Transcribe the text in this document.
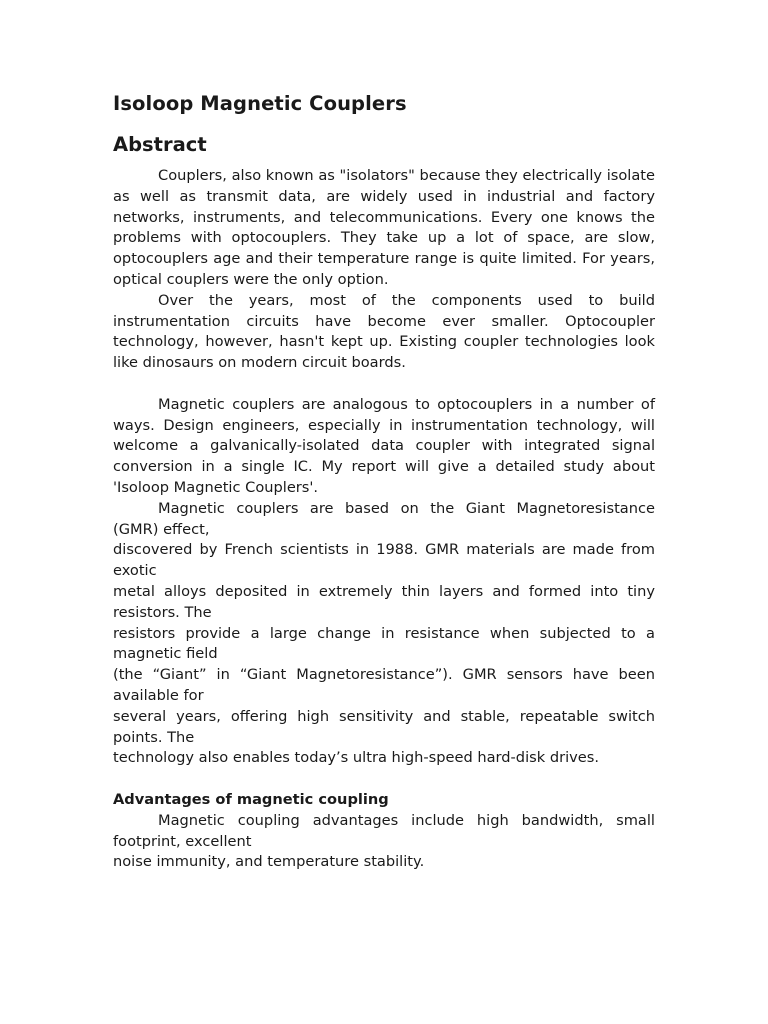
Isoloop Magnetic Couplers
Abstract

Couplers, also known as "isolators" because they electrically isolate as well as transmit data, are widely used in industrial and factory networks, instruments, and telecommunications. Every one knows the problems with optocouplers. They take up a lot of space, are slow, optocouplers age and their temperature range is quite limited. For years, optical couplers were the only option.

Over the years, most of the components used to build instrumentation circuits have become ever smaller. Optocoupler technology, however, hasn't kept up. Existing coupler technologies look like dinosaurs on modern circuit boards.

Magnetic couplers are analogous to optocouplers in a number of ways. Design engineers, especially in instrumentation technology, will welcome a galvanically-isolated data coupler with integrated signal conversion in a single IC. My report will give a detailed study about 'Isoloop Magnetic Couplers'.

Magnetic couplers are based on the Giant Magnetoresistance

(GMR) effect,

discovered by French scientists in 1988. GMR materials are made from

exotic

metal alloys deposited in extremely thin layers and formed into tiny

resistors. The

resistors provide a large change in resistance when subjected to a

magnetic field

(the “Giant” in “Giant Magnetoresistance”). GMR sensors have been

available for

several years, offering high sensitivity and stable, repeatable switch

points. The

technology also enables today’s ultra high-speed hard-disk drives.

Advantages of magnetic coupling

Magnetic coupling advantages include high bandwidth, small

footprint, excellent

noise immunity, and temperature stability.
